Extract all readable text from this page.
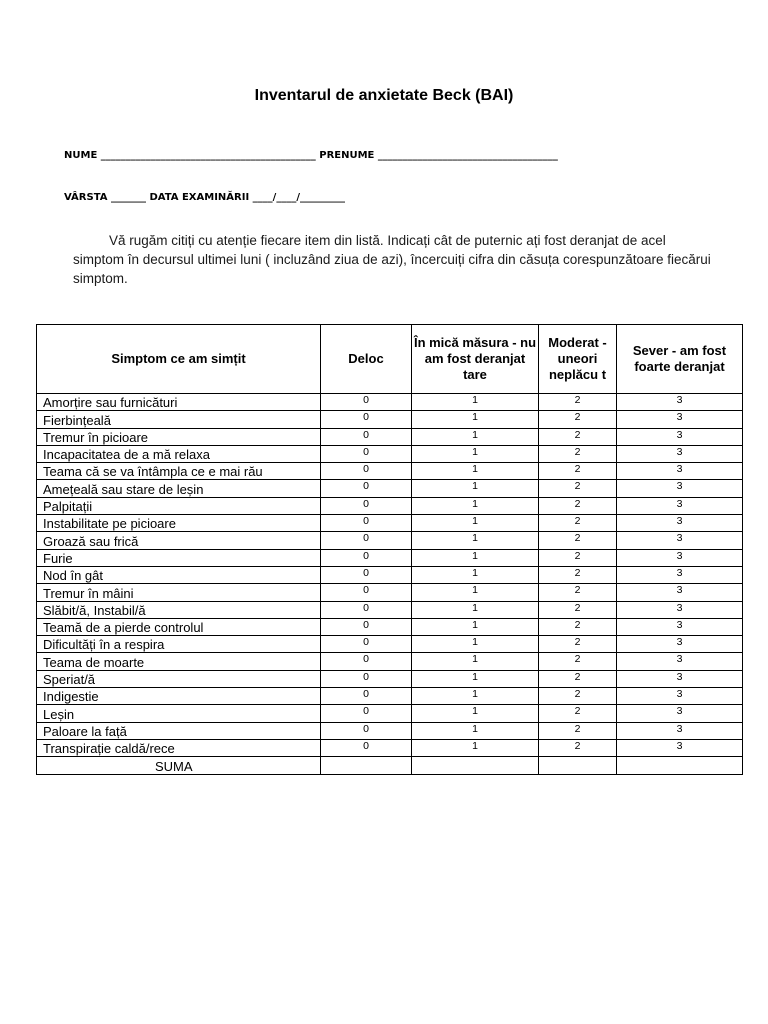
Inventarul de anxietate Beck (BAI)
NUME ___________________________________________ PRENUME ____________________________________
VÂRSTA _______ DATA EXAMINĂRII ____/____/_________
Vă rugăm citiți cu atenție fiecare item din listă. Indicați cât de puternic ați fost deranjat de acel simptom în decursul ultimei luni ( incluzând ziua de azi), încercuiți cifra din căsuța corespunzătoare fiecărui simptom.
Simptom ce am simțit	Deloc	În mică măsura - nu am fost deranjat tare	Moderat - uneori neplăcu t	Sever - am fost foarte deranjat
Amorțire sau furnicături	0	1	2	3
Fierbințeală	0	1	2	3
Tremur în picioare	0	1	2	3
Incapacitatea de a mă relaxa	0	1	2	3
Teama că se va întâmpla ce e mai rău	0	1	2	3
Amețeală sau stare de leșin	0	1	2	3
Palpitații	0	1	2	3
Instabilitate pe picioare	0	1	2	3
Groază sau frică	0	1	2	3
Furie	0	1	2	3
Nod în gât	0	1	2	3
Tremur în mâini	0	1	2	3
Slăbit/ă, Instabil/ă	0	1	2	3
Teamă de a pierde controlul	0	1	2	3
Dificultăți în a respira	0	1	2	3
Teama de moarte	0	1	2	3
Speriat/ă	0	1	2	3
Indigestie	0	1	2	3
Leșin	0	1	2	3
Paloare la față	0	1	2	3
Transpirație caldă/rece	0	1	2	3
SUMA				
